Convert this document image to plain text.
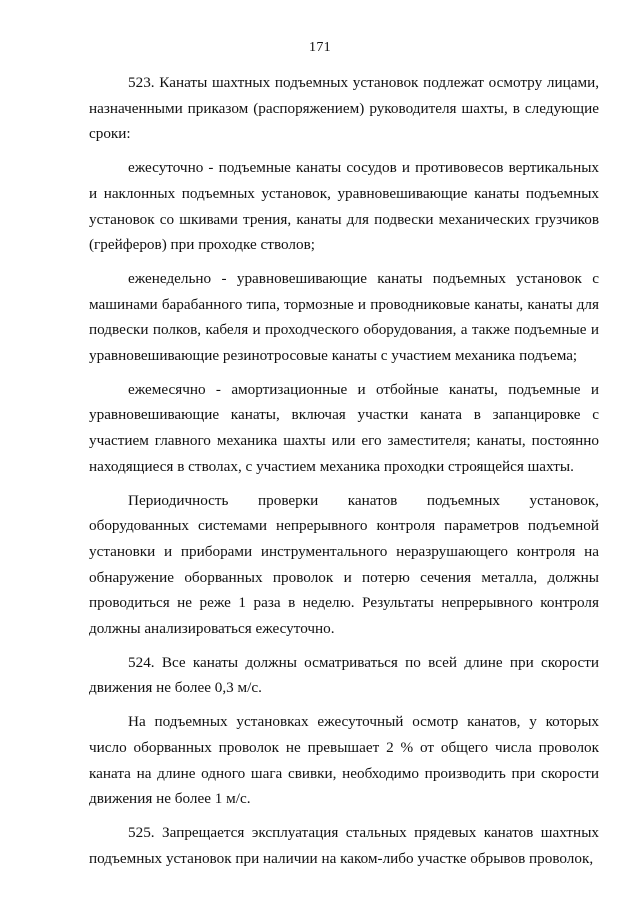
171

523. Канаты шахтных подъемных установок подлежат осмотру лицами, назначенными приказом (распоряжением) руководителя шахты, в следующие сроки:

ежесуточно - подъемные канаты сосудов и противовесов вертикальных и наклонных подъемных установок, уравновешивающие канаты подъемных установок со шкивами трения, канаты для подвески механических грузчиков (грейферов) при проходке стволов;

еженедельно - уравновешивающие канаты подъемных установок с машинами барабанного типа, тормозные и проводниковые канаты, канаты для подвески полков, кабеля и проходческого оборудования, а также подъемные и уравновешивающие резинотросовые канаты с участием механика подъема;

ежемесячно - амортизационные и отбойные канаты, подъемные и уравновешивающие канаты, включая участки каната в запанцировке с участием главного механика шахты или его заместителя; канаты, постоянно находящиеся в стволах, с участием механика проходки строящейся шахты.

Периодичность проверки канатов подъемных установок, оборудованных системами непрерывного контроля параметров подъемной установки и приборами инструментального неразрушающего контроля на обнаружение оборванных проволок и потерю сечения металла, должны проводиться не реже 1 раза в неделю. Результаты непрерывного контроля должны анализироваться ежесуточно.

524. Все канаты должны осматриваться по всей длине при скорости движения не более 0,3 м/с.

На подъемных установках ежесуточный осмотр канатов, у которых число оборванных проволок не превышает 2 % от общего числа проволок каната на длине одного шага свивки, необходимо производить при скорости движения не более 1 м/с.

525. Запрещается эксплуатация стальных прядевых канатов шахтных подъемных установок при наличии на каком-либо участке обрывов проволок,
